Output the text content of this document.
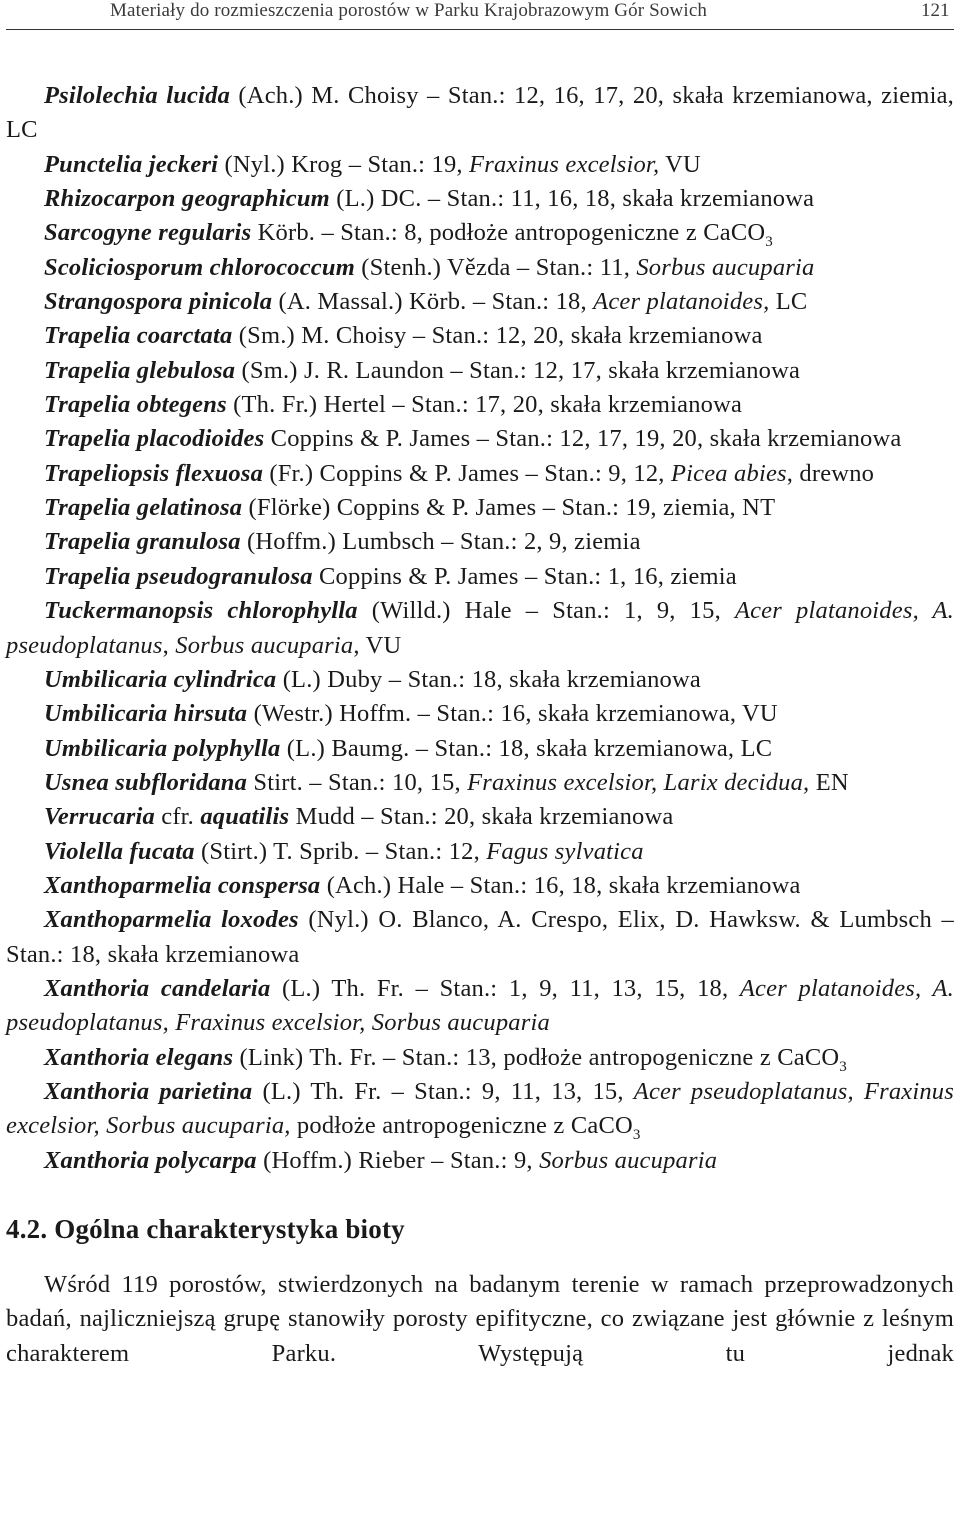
Materiały do rozmieszczenia porostów w Parku Krajobrazowym Gór Sowich	121

Psilolechia lucida (Ach.) M. Choisy – Stan.: 12, 16, 17, 20, skała krzemianowa, ziemia, LC

Punctelia jeckeri (Nyl.) Krog – Stan.: 19, Fraxinus excelsior, VU

Rhizocarpon geographicum (L.) DC. – Stan.: 11, 16, 18, skała krzemianowa

Sarcogyne regularis Körb. – Stan.: 8, podłoże antropogeniczne z CaCO$_3$

Scoliciosporum chlorococcum (Stenh.) Vězda – Stan.: 11, Sorbus aucuparia

Strangospora pinicola (A. Massal.) Körb. – Stan.: 18, Acer platanoides, LC

Trapelia coarctata (Sm.) M. Choisy – Stan.: 12, 20, skała krzemianowa

Trapelia glebulosa (Sm.) J. R. Laundon – Stan.: 12, 17, skała krzemianowa

Trapelia obtegens (Th. Fr.) Hertel – Stan.: 17, 20, skała krzemianowa

Trapelia placodioides Coppins & P. James – Stan.: 12, 17, 19, 20, skała krzemianowa

Trapeliopsis flexuosa (Fr.) Coppins & P. James – Stan.: 9, 12, Picea abies, drewno

Trapelia gelatinosa (Flörke) Coppins & P. James – Stan.: 19, ziemia, NT

Trapelia granulosa (Hoffm.) Lumbsch – Stan.: 2, 9, ziemia

Trapelia pseudogranulosa Coppins & P. James – Stan.: 1, 16, ziemia

Tuckermanopsis chlorophylla (Willd.) Hale – Stan.: 1, 9, 15, Acer platanoides, A. pseudoplatanus, Sorbus aucuparia, VU

Umbilicaria cylindrica (L.) Duby – Stan.: 18, skała krzemianowa

Umbilicaria hirsuta (Westr.) Hoffm. – Stan.: 16, skała krzemianowa, VU

Umbilicaria polyphylla (L.) Baumg. – Stan.: 18, skała krzemianowa, LC

Usnea subfloridana Stirt. – Stan.: 10, 15, Fraxinus excelsior, Larix decidua, EN

Verrucaria cfr. aquatilis Mudd – Stan.: 20, skała krzemianowa

Violella fucata (Stirt.) T. Sprib. – Stan.: 12, Fagus sylvatica

Xanthoparmelia conspersa (Ach.) Hale – Stan.: 16, 18, skała krzemianowa

Xanthoparmelia loxodes (Nyl.) O. Blanco, A. Crespo, Elix, D. Hawksw. & Lumbsch – Stan.: 18, skała krzemianowa

Xanthoria candelaria (L.) Th. Fr. – Stan.: 1, 9, 11, 13, 15, 18, Acer platanoides, A. pseudoplatanus, Fraxinus excelsior, Sorbus aucuparia

Xanthoria elegans (Link) Th. Fr. – Stan.: 13, podłoże antropogeniczne z CaCO$_3$

Xanthoria parietina (L.) Th. Fr. – Stan.: 9, 11, 13, 15, Acer pseudoplatanus, Fraxinus excelsior, Sorbus aucuparia, podłoże antropogeniczne z CaCO$_3$

Xanthoria polycarpa (Hoffm.) Rieber – Stan.: 9, Sorbus aucuparia

4.2. Ogólna charakterystyka bioty

Wśród 119 porostów, stwierdzonych na badanym terenie w ramach przeprowadzonych badań, najliczniejszą grupę stanowiły porosty epifityczne, co związane jest głównie z leśnym charakterem Parku. Występują tu jednak
